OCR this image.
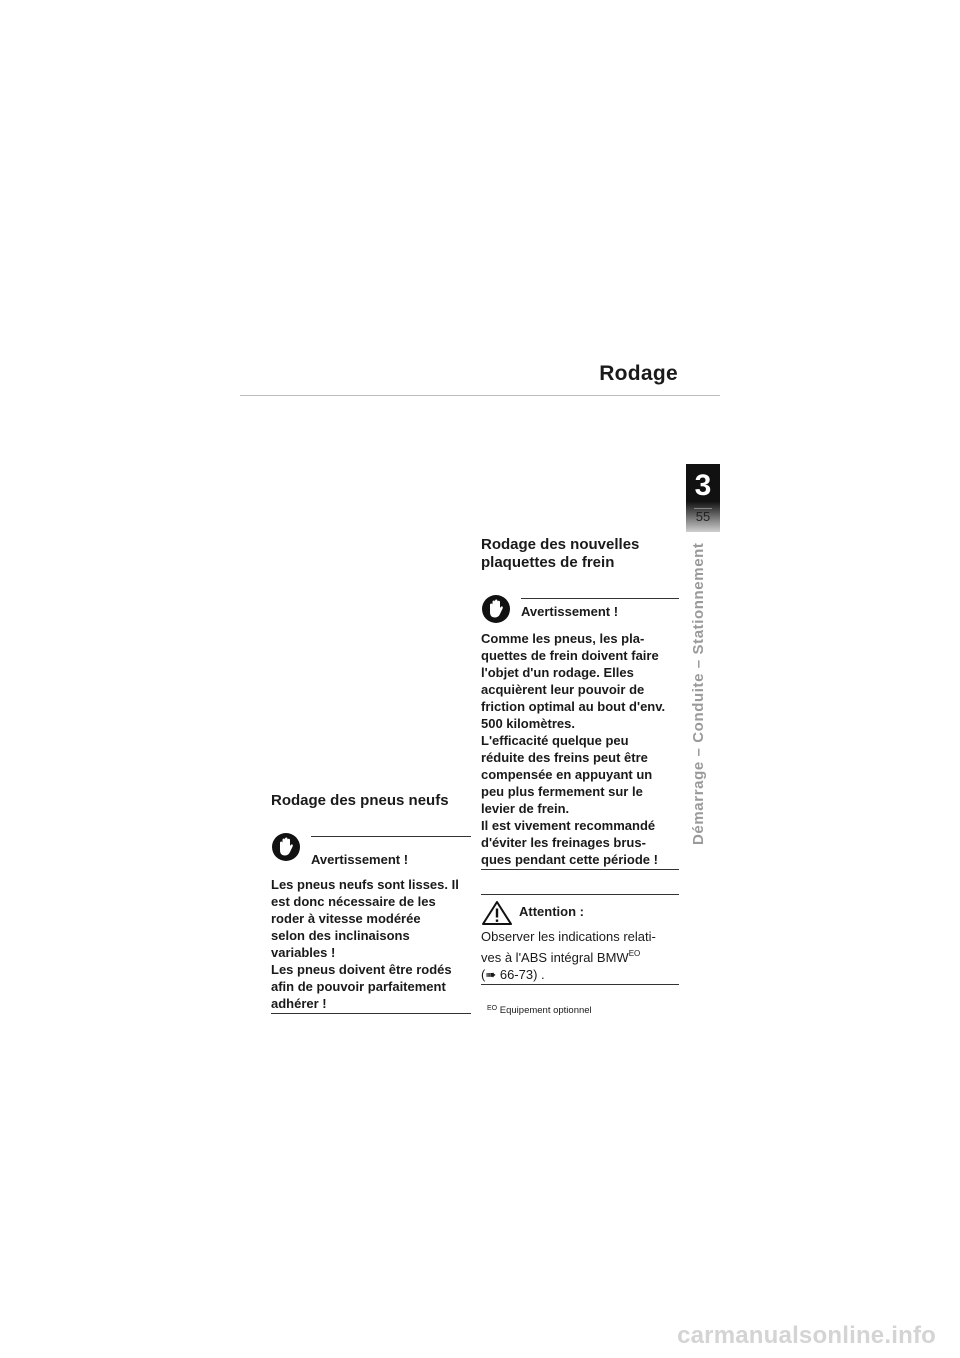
Rodage
3
55
Démarrage – Conduite – Stationnement
Rodage des pneus neufs
Avertissement !

Les pneus neufs sont lisses. Il

est donc nécessaire de les

roder à vitesse modérée

selon des inclinaisons

variables !

Les pneus doivent être rodés

afin de pouvoir parfaitement

adhérer !

Rodage des nouvelles
plaquettes de frein
Avertissement !

Comme les pneus, les pla-

quettes de frein doivent faire

l'objet d'un rodage. Elles

acquièrent leur pouvoir de

friction optimal au bout d'env.

500 kilomètres.

L'efficacité quelque peu

réduite des freins peut être

compensée en appuyant un

peu plus fermement sur le

levier de frein.

Il est vivement recommandé

d'éviter les freinages brus-

ques pendant cette période !

Attention :

Observer les indications relati-

ves à l'ABS intégral $BMW^{EO}$

(➠ 66-73) .

$^{EO}$ Equipement optionnel
carmanualsonline.info
